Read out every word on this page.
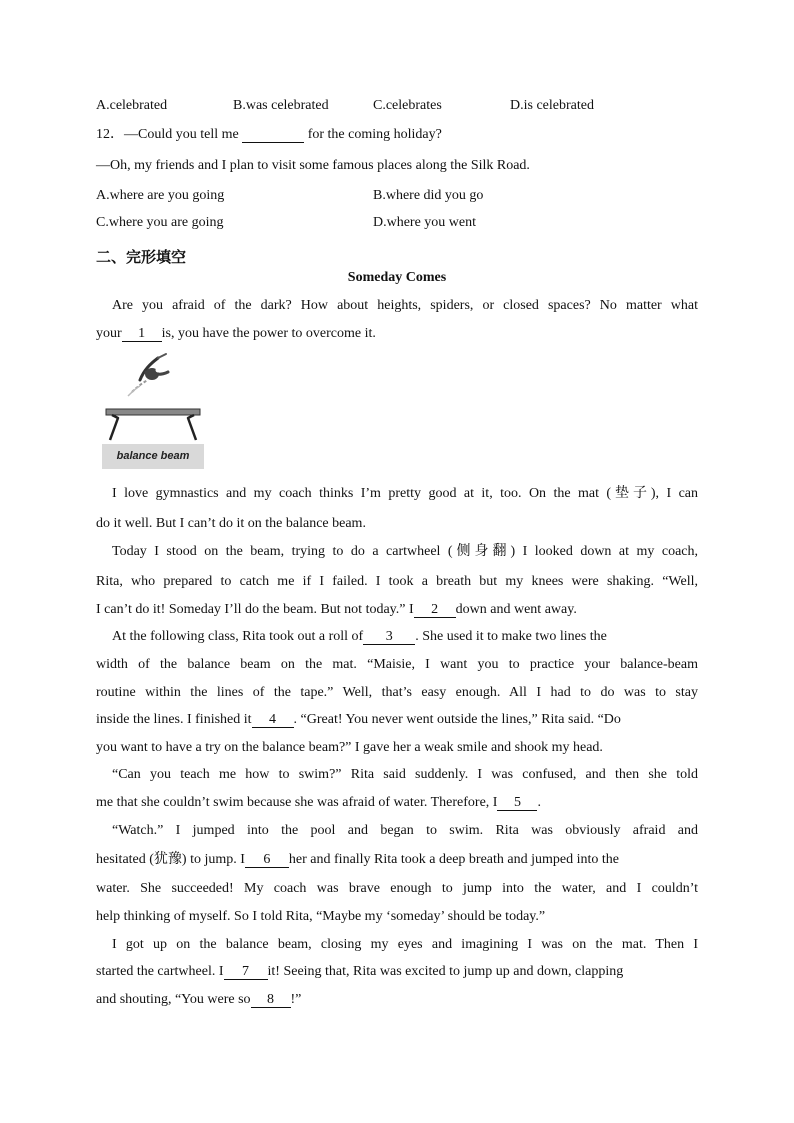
A.celebrated	B.was celebrated	C.celebrates	D.is celebrated
12．—Could you tell me	for the coming holiday?
—Oh, my friends and I plan to visit some famous places along the Silk Road.
A.where are you going	B.where did you go
C.where you are going	D.where you went
二、完形填空
Someday Comes
Are you afraid of the dark? How about heights, spiders, or closed spaces? No matter what
your 1 is, you have the power to overcome it.
balance beam
I love gymnastics and my coach thinks I’m pretty good at it, too. On the mat (垫子), I can
do it well. But I can’t do it on the balance beam.
Today I stood on the beam, trying to do a cartwheel (侧身翻) I looked down at my coach,
Rita, who prepared to catch me if I failed. I took a breath but my knees were shaking. “Well,
I can’t do it! Someday I’ll do the beam. But not today.” I 2 down and went away.
At the following class, Rita took out a roll of 3 . She used it to make two lines the
width of the balance beam on the mat. “Maisie, I want you to practice your balance-beam
routine within the lines of the tape.” Well, that’s easy enough. All I had to do was to stay
inside the lines. I finished it 4 . “Great! You never went outside the lines,” Rita said. “Do
you want to have a try on the balance beam?” I gave her a weak smile and shook my head.
“Can you teach me how to swim?” Rita said suddenly. I was confused, and then she told
me that she couldn’t swim because she was afraid of water. Therefore, I 5 .
“Watch.” I jumped into the pool and began to swim. Rita was obviously afraid and
hesitated (犹豫) to jump. I 6 her and finally Rita took a deep breath and jumped into the
water. She succeeded! My coach was brave enough to jump into the water, and I couldn’t
help thinking of myself. So I told Rita, “Maybe my ‘someday’ should be today.”
I got up on the balance beam, closing my eyes and imagining I was on the mat. Then I
started the cartwheel. I 7 it! Seeing that, Rita was excited to jump up and down, clapping
and shouting, “You were so 8 !”
